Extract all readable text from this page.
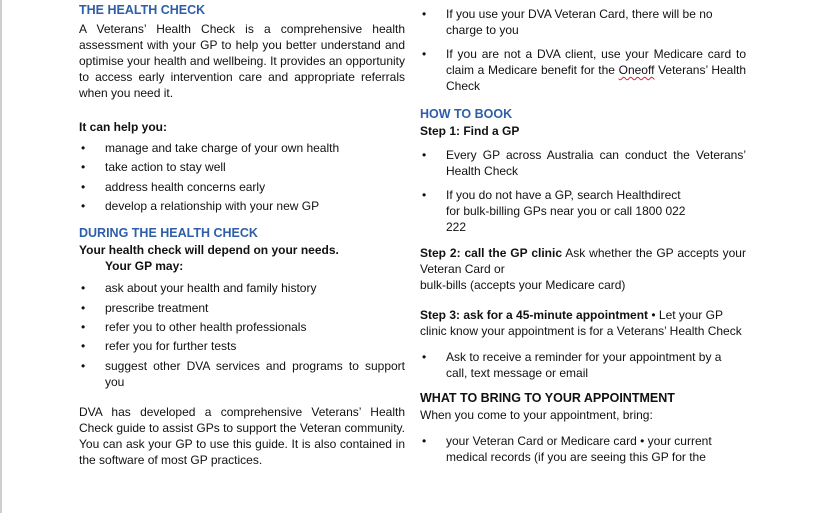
THE HEALTH CHECK

A Veterans’ Health Check is a comprehensive health assessment with your GP to help you better understand and optimise your health and wellbeing. It provides an opportunity to access early intervention care and appropriate referrals when you need it.

It can help you:

• manage and take charge of your own health
• take action to stay well
• address health concerns early
• develop a relationship with your new GP
DURING THE HEALTH CHECK

Your health check will depend on your needs.

Your GP may:

• ask about your health and family history
• prescribe treatment
• refer you to other health professionals
• refer you for further tests
• suggest other DVA services and programs to support you

DVA has developed a comprehensive Veterans’ Health Check guide to assist GPs to support the Veteran community. You can ask your GP to use this guide. It is also contained in the software of most GP practices.

• If you use your DVA Veteran Card, there will be no charge to you
• If you are not a DVA client, use your Medicare card to claim a Medicare benefit for the Oneoff Veterans’ Health Check
HOW TO BOOK

Step 1: Find a GP

• Every GP across Australia can conduct the Veterans’ Health Check
• If you do not have a GP, search Healthdirect for bulk-billing GPs near you or call 1800 022 222

Step 2: call the GP clinic Ask whether the GP accepts your Veteran Card or

bulk-bills (accepts your Medicare card)

Step 3: ask for a 45-minute appointment • Let your GP clinic know your appointment is for a Veterans’ Health Check

• Ask to receive a reminder for your appointment by a call, text message or email
WHAT TO BRING TO YOUR APPOINTMENT

When you come to your appointment, bring:

• your Veteran Card or Medicare card • your current medical records (if you are seeing this GP for the
